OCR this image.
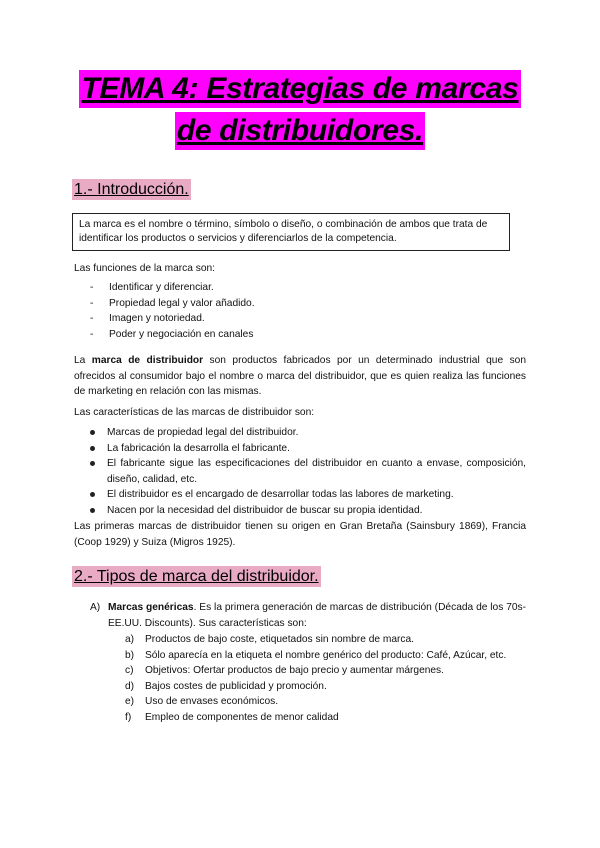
TEMA 4: Estrategias de marcas
de distribuidores.
1.- Introducción.
La marca es el nombre o término, símbolo o diseño, o combinación de ambos que trata de identificar los productos o servicios y diferenciarlos de la competencia.
Las funciones de la marca son:
- Identificar y diferenciar.
- Propiedad legal y valor añadido.
- Imagen y notoriedad.
- Poder y negociación en canales
La marca de distribuidor son productos fabricados por un determinado industrial que son ofrecidos al consumidor bajo el nombre o marca del distribuidor, que es quien realiza las funciones de marketing en relación con las mismas.
Las características de las marcas de distribuidor son:
Marcas de propiedad legal del distribuidor.
La fabricación la desarrolla el fabricante.
El fabricante sigue las especificaciones del distribuidor en cuanto a envase, composición, diseño, calidad, etc.
El distribuidor es el encargado de desarrollar todas las labores de marketing.
Nacen por la necesidad del distribuidor de buscar su propia identidad.
Las primeras marcas de distribuidor tienen su origen en Gran Bretaña (Sainsbury 1869), Francia (Coop 1929) y Suiza (Migros 1925).
2.- Tipos de marca del distribuidor.
A) Marcas genéricas. Es la primera generación de marcas de distribución (Década de los 70s- EE.UU. Discounts). Sus características son:
a) Productos de bajo coste, etiquetados sin nombre de marca.
b) Sólo aparecía en la etiqueta el nombre genérico del producto: Café, Azúcar, etc.
c) Objetivos: Ofertar productos de bajo precio y aumentar márgenes.
d) Bajos costes de publicidad y promoción.
e) Uso de envases económicos.
f) Empleo de componentes de menor calidad
